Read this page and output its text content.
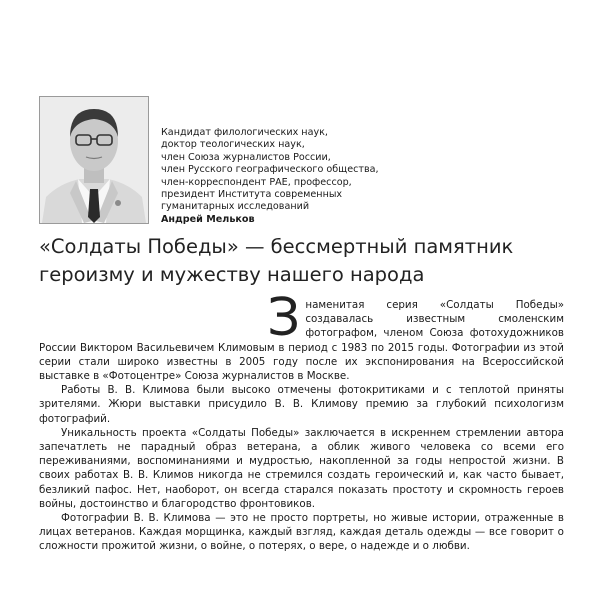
Кандидат филологических наук,
доктор теологических наук,
член Союза журналистов России,
член Русского географического общества,
член-корреспондент РАЕ, профессор,
президент Института современных
гуманитарных исследований
Андрей Мельков
«Солдаты Победы» — бессмертный памятник
героизму и мужеству нашего народа
З наменитая серия «Солдаты Победы» создавалась известным смоленским фотографом, членом Союза фотохудожников России Виктором Васильевичем Климовым в период с 1983 по 2015 годы. Фотографии из этой серии стали широко известны в 2005 году после их экспонирования на Всероссийской выставке в «Фотоцентре» Союза журналистов в Москве.

Работы В. В. Климова были высоко отмечены фотокритиками и с теплотой приняты зрителями. Жюри выставки присудило В. В. Климову премию за глубокий психологизм фотографий.

Уникальность проекта «Солдаты Победы» заключается в искреннем стремлении автора запечатлеть не парадный образ ветерана, а облик живого человека со всеми его переживаниями, воспоминаниями и мудростью, накопленной за годы непростой жизни. В своих работах В. В. Климов никогда не стремился создать героический и, как часто бывает, безликий пафос. Нет, наоборот, он всегда старался показать простоту и скромность героев войны, достоинство и благородство фронтовиков.

Фотографии В. В. Климова — это не просто портреты, но живые истории, отраженные в лицах ветеранов. Каждая морщинка, каждый взгляд, каждая деталь одежды — все говорит о сложности прожитой жизни, о войне, о потерях, о вере, о надежде и о любви.
